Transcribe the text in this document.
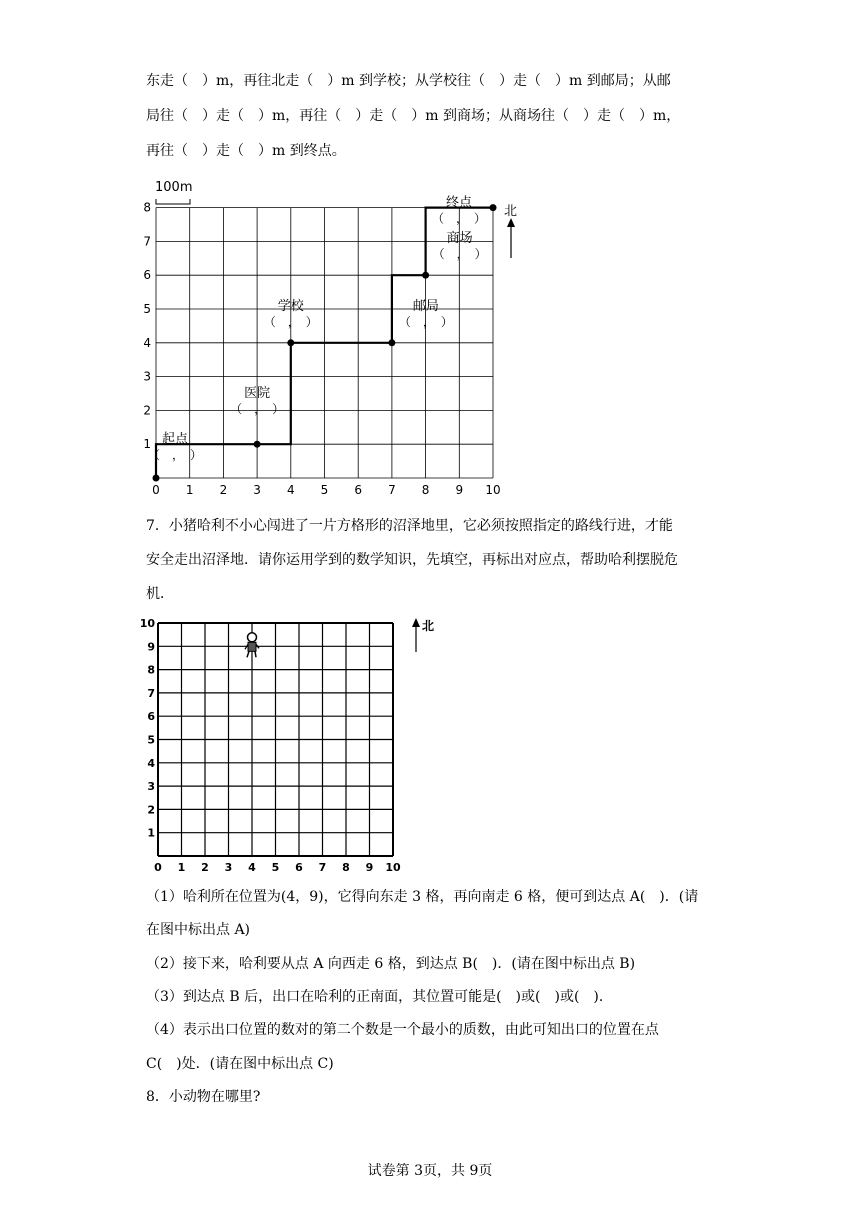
东走（　）m，再往北走（　）m 到学校；从学校往（　）走（　）m 到邮局；从邮
局往（　）走（　）m，再往（　）走（　）m 到商场；从商场往（　）走（　）m，
再往（　）走（　）m 到终点。
起点
（　，　）
医院
（　，　）
学校
（　，　）
邮局
（　，　）
商场
（　，　）
终点
（　，　）
0 1 2 3 4 5 6 7 8 9 10
1
2
3
4
5
6
7
8
100m
北
7．小猪哈利不小心闯进了一片方格形的沼泽地里，它必须按照指定的路线行进，才能
安全走出沼泽地．请你运用学到的数学知识，先填空，再标出对应点，帮助哈利摆脱危
机．
0 1 2 3 4 5 6 7 8 9 10
1
2
3
4
5
6
7
8
9
10	北
（1）哈利所在位置为(4，9)，它得向东走 3 格，再向南走 6 格，便可到达点 A(　)．(请
在图中标出点 A)
（2）接下来，哈利要从点 A 向西走 6 格，到达点 B(　)．(请在图中标出点 B)
（3）到达点 B 后，出口在哈利的正南面，其位置可能是(　)或(　)或(　)．
（4）表示出口位置的数对的第二个数是一个最小的质数，由此可知出口的位置在点
C(　)处．(请在图中标出点 C)
8．小动物在哪里?
试卷第 3页，共 9页
